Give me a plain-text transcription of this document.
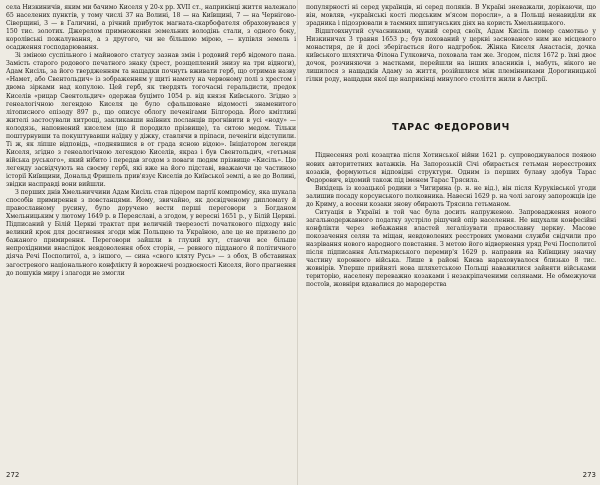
села Низкиничів, яким ми бачимо Киселя у 20-х pp. XVII ст., наприкінці життя належало 65 населених пунктів, у тому числі 37 на Волині, 18 — на Київщині, 7 — на Чернігово-Сіверщині, 3 — в Галичині, а річний прибуток магната-скарбофателя обраховувався у 150 тис. золотих. Джерелом примноження земельних володінь стали, з одного боку, королівські пожалування, а з другого, чи не більшою мірою, — купівля земель і осадження господарювання.

Зі зміною суспільного і майнового статусу зазнав змін і родовий герб відомого пана. Замість старого родового печатного знаку (хрест, розщеплений знизу на три відноги), Адам Кисіль, за його твердженням та нащадки почнуть вживати герб, що отримав назву «Намет, або Свентольдич» із зображенням у щиті намету на червоному полі з хрестом і двома зірками над копулою. Цей герб, як твердять тогочасні геральдисти, предок Киселів «рицар Свентольдич» одержав буцімто 1054 р. від князя Київського. Згідно з генеалогічною легендою Киселя це було сфальшоване відомості знаменитого літописного епізоду 897 р., що описує облогу печенігами Білгорода. Його кмітливі жителі застосували хитрощі, закликавши наївних посланців прогнівити в усі «ноду» — колодязь, наповнений киселем (що й породило прізвище), та ситою медом. Тільки поштурнувши та покуштувавши наїдку у діжку, ставлячи в пріпаси, печеніги відступили. Ті ж, як ліпше відповідь, «поднявшися в от града ясною відою». Ініціатором легенди Киселя, згідно з генеалогічною легендою Киселів, якраз і був Свентольдич, «гетьман військa руського», який нібито і передав згодом з поваги людям прізвище «Кисіль». Цю легенду засвідчують на своєму гербі, які вже на його підставі, вважаючи це частиною історії Київщини, Дональд Фришель прив'язує Киселів до Київської землі, а не до Волині, звідки насправді вони вийшли.

З перших днів Хмельниччини Адам Кисіль став лідером партії компромісу, яка шукала способів примирення з повстанцями. Йому, звичайно, як досвідченому дипломату й православному русину, було доручено вести перші переговори з Богданом Хмельницьким у лютому 1649 р. в Переяславі, а згодом, у вересні 1651 р., у Білій Церкві. Підписаний у Білій Церкві трактат при величній тверезості початкового підходу вніс великий крок для досягнення згоди між Польщею та Україною, але це не призвело до бажаного примирення. Переговори зайшли в глухий кут, стаючи все більше непрохідними внаслідок невдоволення обох сторін, — ревного підданого й політичного діяча Речі Посполитої, а, з іншого, — сина «свого кляту Русь» — з обох, В обставинах загостреного національного конфлікту й ворожнечі роздвоєності Киселя, його прагнення до пошуків миру і злагоди не змогли

272

популярності ні серед українців, ні серед поляків. В Україні зневажали, дорікаючи, що він, мовляв, «українські кості людським м'ясом поросли», а в Польщі ненавиділи як зрадника і підозрювали в таємних шпигунських діях на користь Хмельницького.

Відштовхнутий сучасниками, чужий серед своїх, Адам Кисіль помер самотньо у Низкиничах 3 травня 1653 р.; був похований у церкві заснованого ним же місцевого монастиря, де й досі зберігається його надгробок. Жінка Киселя Анастасія, дочка київського шляхтича Філона Гулковича, поховала там же. Згодом, після 1672 р. їхні двоє дочок, розчиняючи з маєтками, перейшли на інших власників і, мабуть, нікого не лишилося з нащадків Адаму за життя, розійшлися між племінниками Дорогиницької гілки роду, нащадки якої ще наприкінці минулого століття жили в Австрії.

ТАРАС ФЕДОРОВИЧ

Піднесення ролі козацтва після Хотинської війни 1621 р. супроводжувалося появою нових авторитетних ватажків. На Запорозькій Січі обирається гетьман нереєстрових козаків, формуються відповідні структури. Одним із перших булаву здобув Тарас Федорович, відомий також під іменем Тарас Трясила.

Вихідець із козацької родини з Чигирина (р. н. не від.), він після Куруківської угоди залишив посаду корсунського полковника. Навесні 1629 р. на чолі загону запорожців іде до Криму, а восени козаки знову обирають Трясила гетьманом.

Ситуація в Україні в той час була досить напруженою. Запровадження нового загальнодержавного податку зустріло рішучий опір населення. Не вщухали конфесійні конфлікти через небажання властей легалізувати православну церкву. Масове покозачення селян та міщан, невдоволених реєстрових умовами служби свідчили про назрівання нового народного повстання. З метою його відвернення уряд Речі Посполитої після підписання Альтмаркського перемир'я 1629 р. направив на Київщину значну частину коронного війська. Лише в районі Києва нараховувалося близько 8 тис. жовнірів. Уперше прийняті нова шляхетською Польщі наважилися зайняти військами територію, населену переважно козаками і незакріпаченими селянами. Не обмежуючи постоїв, жовніри вдавалися до мародерства

273
